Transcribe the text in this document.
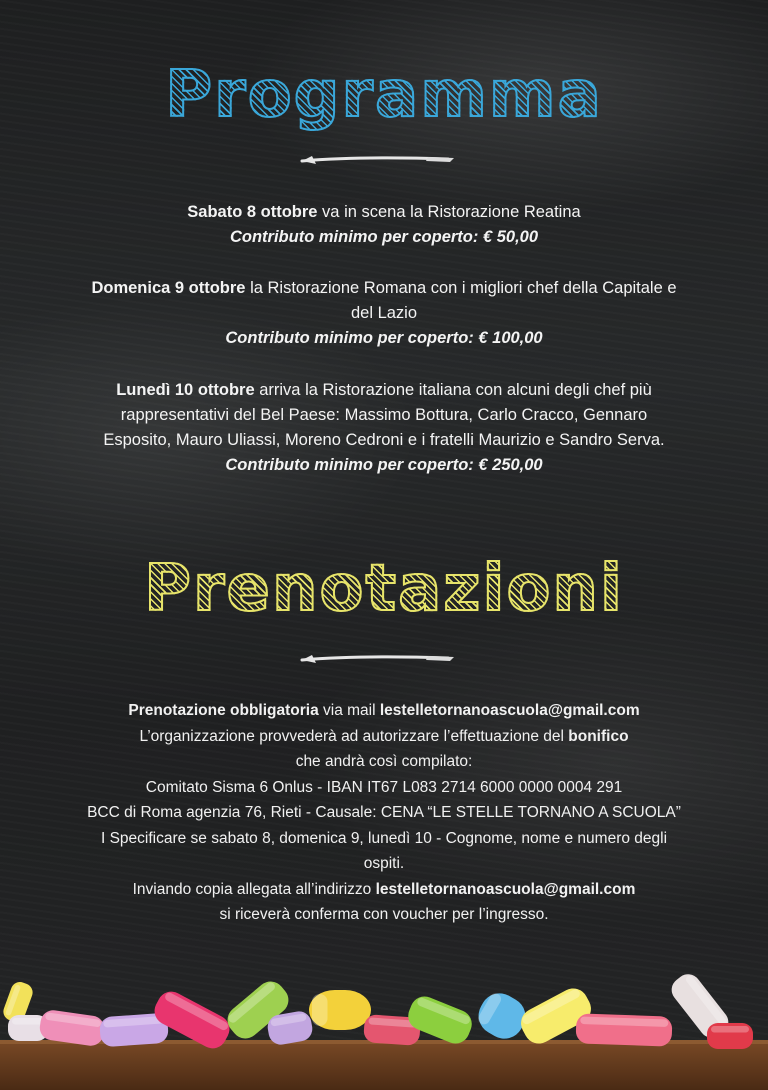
Programma
Sabato 8 ottobre va in scena la Ristorazione Reatina
Contributo minimo per coperto: € 50,00
Domenica 9 ottobre la Ristorazione Romana con i migliori chef della Capitale e del Lazio
Contributo minimo per coperto: € 100,00
Lunedì 10 ottobre arriva la Ristorazione italiana con alcuni degli chef più rappresentativi del Bel Paese: Massimo Bottura, Carlo Cracco, Gennaro Esposito, Mauro Uliassi, Moreno Cedroni e i fratelli Maurizio e Sandro Serva.
Contributo minimo per coperto: € 250,00
Prenotazioni
Prenotazione obbligatoria via mail lestelletornanoascuola@gmail.com
L’organizzazione provvederà ad autorizzare l’effettuazione del bonifico
che andrà così compilato:
Comitato Sisma 6 Onlus - IBAN IT67 L083 2714 6000 0000 0004 291
BCC di Roma agenzia 76, Rieti - Causale: CENA “LE STELLE TORNANO A SCUOLA” I Specificare se sabato 8, domenica 9, lunedì 10 - Cognome, nome e numero degli ospiti.
Inviando copia allegata all’indirizzo lestelletornanoascuola@gmail.com
si riceverà conferma con voucher per l’ingresso.
